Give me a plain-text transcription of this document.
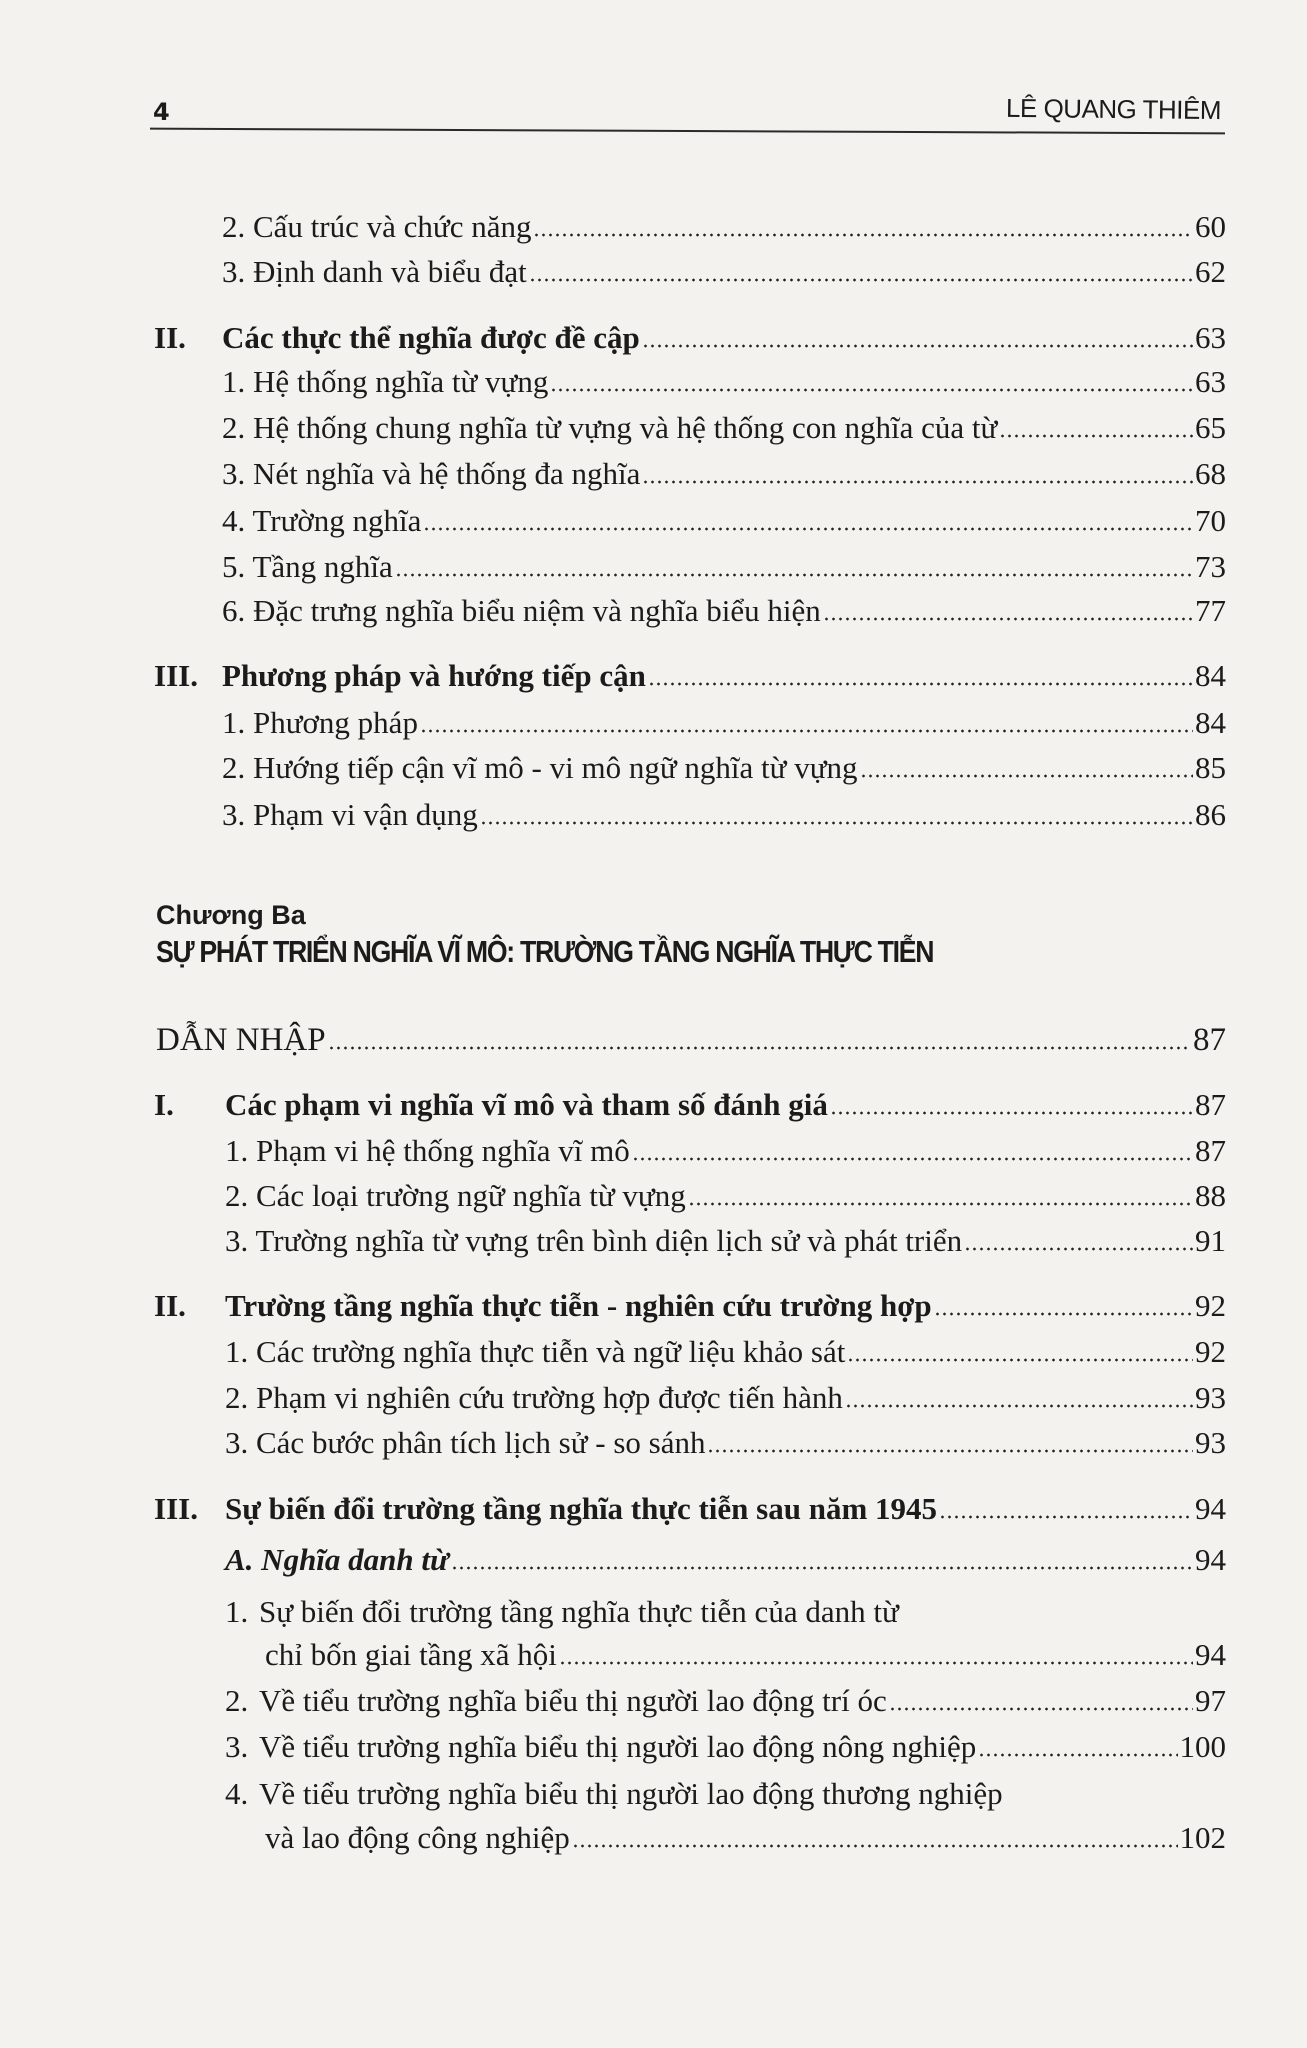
4	LÊ QUANG THIÊM
2. Cấu trúc và chức năng	60
3. Định danh và biểu đạt	62
II. Các thực thể nghĩa được đề cập	63
1. Hệ thống nghĩa từ vựng	63
2. Hệ thống chung nghĩa từ vựng và hệ thống con nghĩa của từ	65
3. Nét nghĩa và hệ thống đa nghĩa	68
4. Trường nghĩa	70
5. Tầng nghĩa	73
6. Đặc trưng nghĩa biểu niệm và nghĩa biểu hiện	77
III. Phương pháp và hướng tiếp cận	84
1. Phương pháp	84
2. Hướng tiếp cận vĩ mô - vi mô ngữ nghĩa từ vựng	85
3. Phạm vi vận dụng	86
Chương Ba
SỰ PHÁT TRIỂN NGHĨA VĨ MÔ: TRƯỜNG TẦNG NGHĨA THỰC TIỄN
DẪN NHẬP	87
I. Các phạm vi nghĩa vĩ mô và tham số đánh giá	87
1. Phạm vi hệ thống nghĩa vĩ mô	87
2. Các loại trường ngữ nghĩa từ vựng	88
3. Trường nghĩa từ vựng trên bình diện lịch sử và phát triển	91
II. Trường tầng nghĩa thực tiễn - nghiên cứu trường hợp	92
1. Các trường nghĩa thực tiễn và ngữ liệu khảo sát	92
2. Phạm vi nghiên cứu trường hợp được tiến hành	93
3. Các bước phân tích lịch sử - so sánh	93
III. Sự biến đổi trường tầng nghĩa thực tiễn sau năm 1945	94
A. Nghĩa danh từ	94
1. Sự biến đổi trường tầng nghĩa thực tiễn của danh từ
chỉ bốn giai tầng xã hội	94
2. Về tiểu trường nghĩa biểu thị người lao động trí óc	97
3. Về tiểu trường nghĩa biểu thị người lao động nông nghiệp	100
4. Về tiểu trường nghĩa biểu thị người lao động thương nghiệp
và lao động công nghiệp	102
